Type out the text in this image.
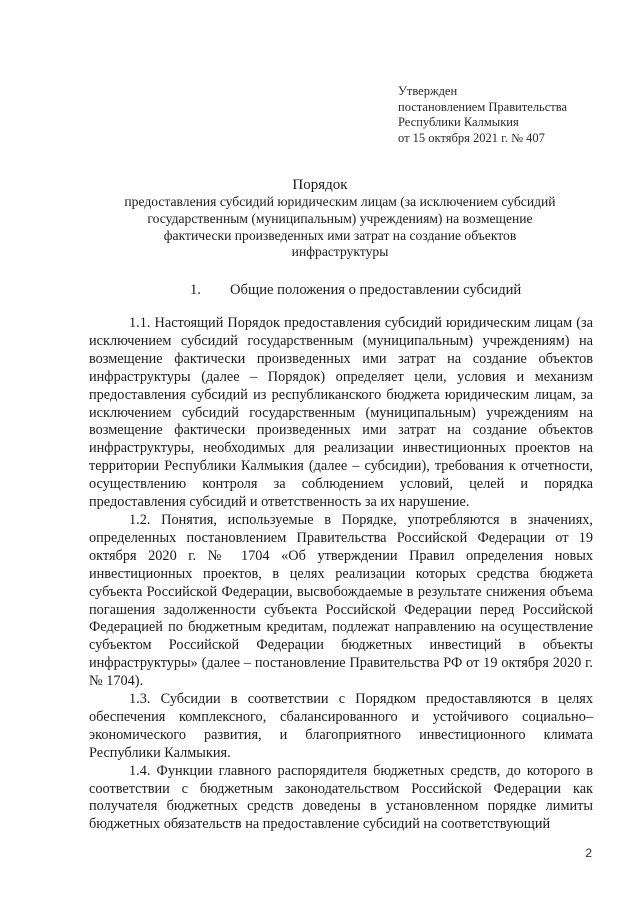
Утвержден
постановлением Правительства
Республики Калмыкия
от 15 октября 2021 г. № 407
Порядок
предоставления субсидий юридическим лицам (за исключением субсидий государственным (муниципальным) учреждениям) на возмещение фактически произведенных ими затрат на создание объектов инфраструктуры
1. Общие положения о предоставлении субсидий

1.1. Настоящий Порядок предоставления субсидий юридическим лицам (за исключением субсидий государственным (муниципальным) учреждениям) на возмещение фактически произведенных ими затрат на создание объектов инфраструктуры (далее – Порядок) определяет цели, условия и механизм предоставления субсидий из республиканского бюджета юридическим лицам, за исключением субсидий государственным (муниципальным) учреждениям на возмещение фактически произведенных ими затрат на создание объектов инфраструктуры, необходимых для реализации инвестиционных проектов на территории Республики Калмыкия (далее – субсидии), требования к отчетности, осуществлению контроля за соблюдением условий, целей и порядка предоставления субсидий и ответственность за их нарушение.

1.2. Понятия, используемые в Порядке, употребляются в значениях, определенных постановлением Правительства Российской Федерации от 19 октября 2020 г. № 1704 «Об утверждении Правил определения новых инвестиционных проектов, в целях реализации которых средства бюджета субъекта Российской Федерации, высвобождаемые в результате снижения объема погашения задолженности субъекта Российской Федерации перед Российской Федерацией по бюджетным кредитам, подлежат направлению на осуществление субъектом Российской Федерации бюджетных инвестиций в объекты инфраструктуры» (далее – постановление Правительства РФ от 19 октября 2020 г. № 1704).

1.3. Субсидии в соответствии с Порядком предоставляются в целях обеспечения комплексного, сбалансированного и устойчивого социально–экономического развития, и благоприятного инвестиционного климата Республики Калмыкия.

1.4. Функции главного распорядителя бюджетных средств, до которого в соответствии с бюджетным законодательством Российской Федерации как получателя бюджетных средств доведены в установленном порядке лимиты бюджетных обязательств на предоставление субсидий на соответствующий

2
